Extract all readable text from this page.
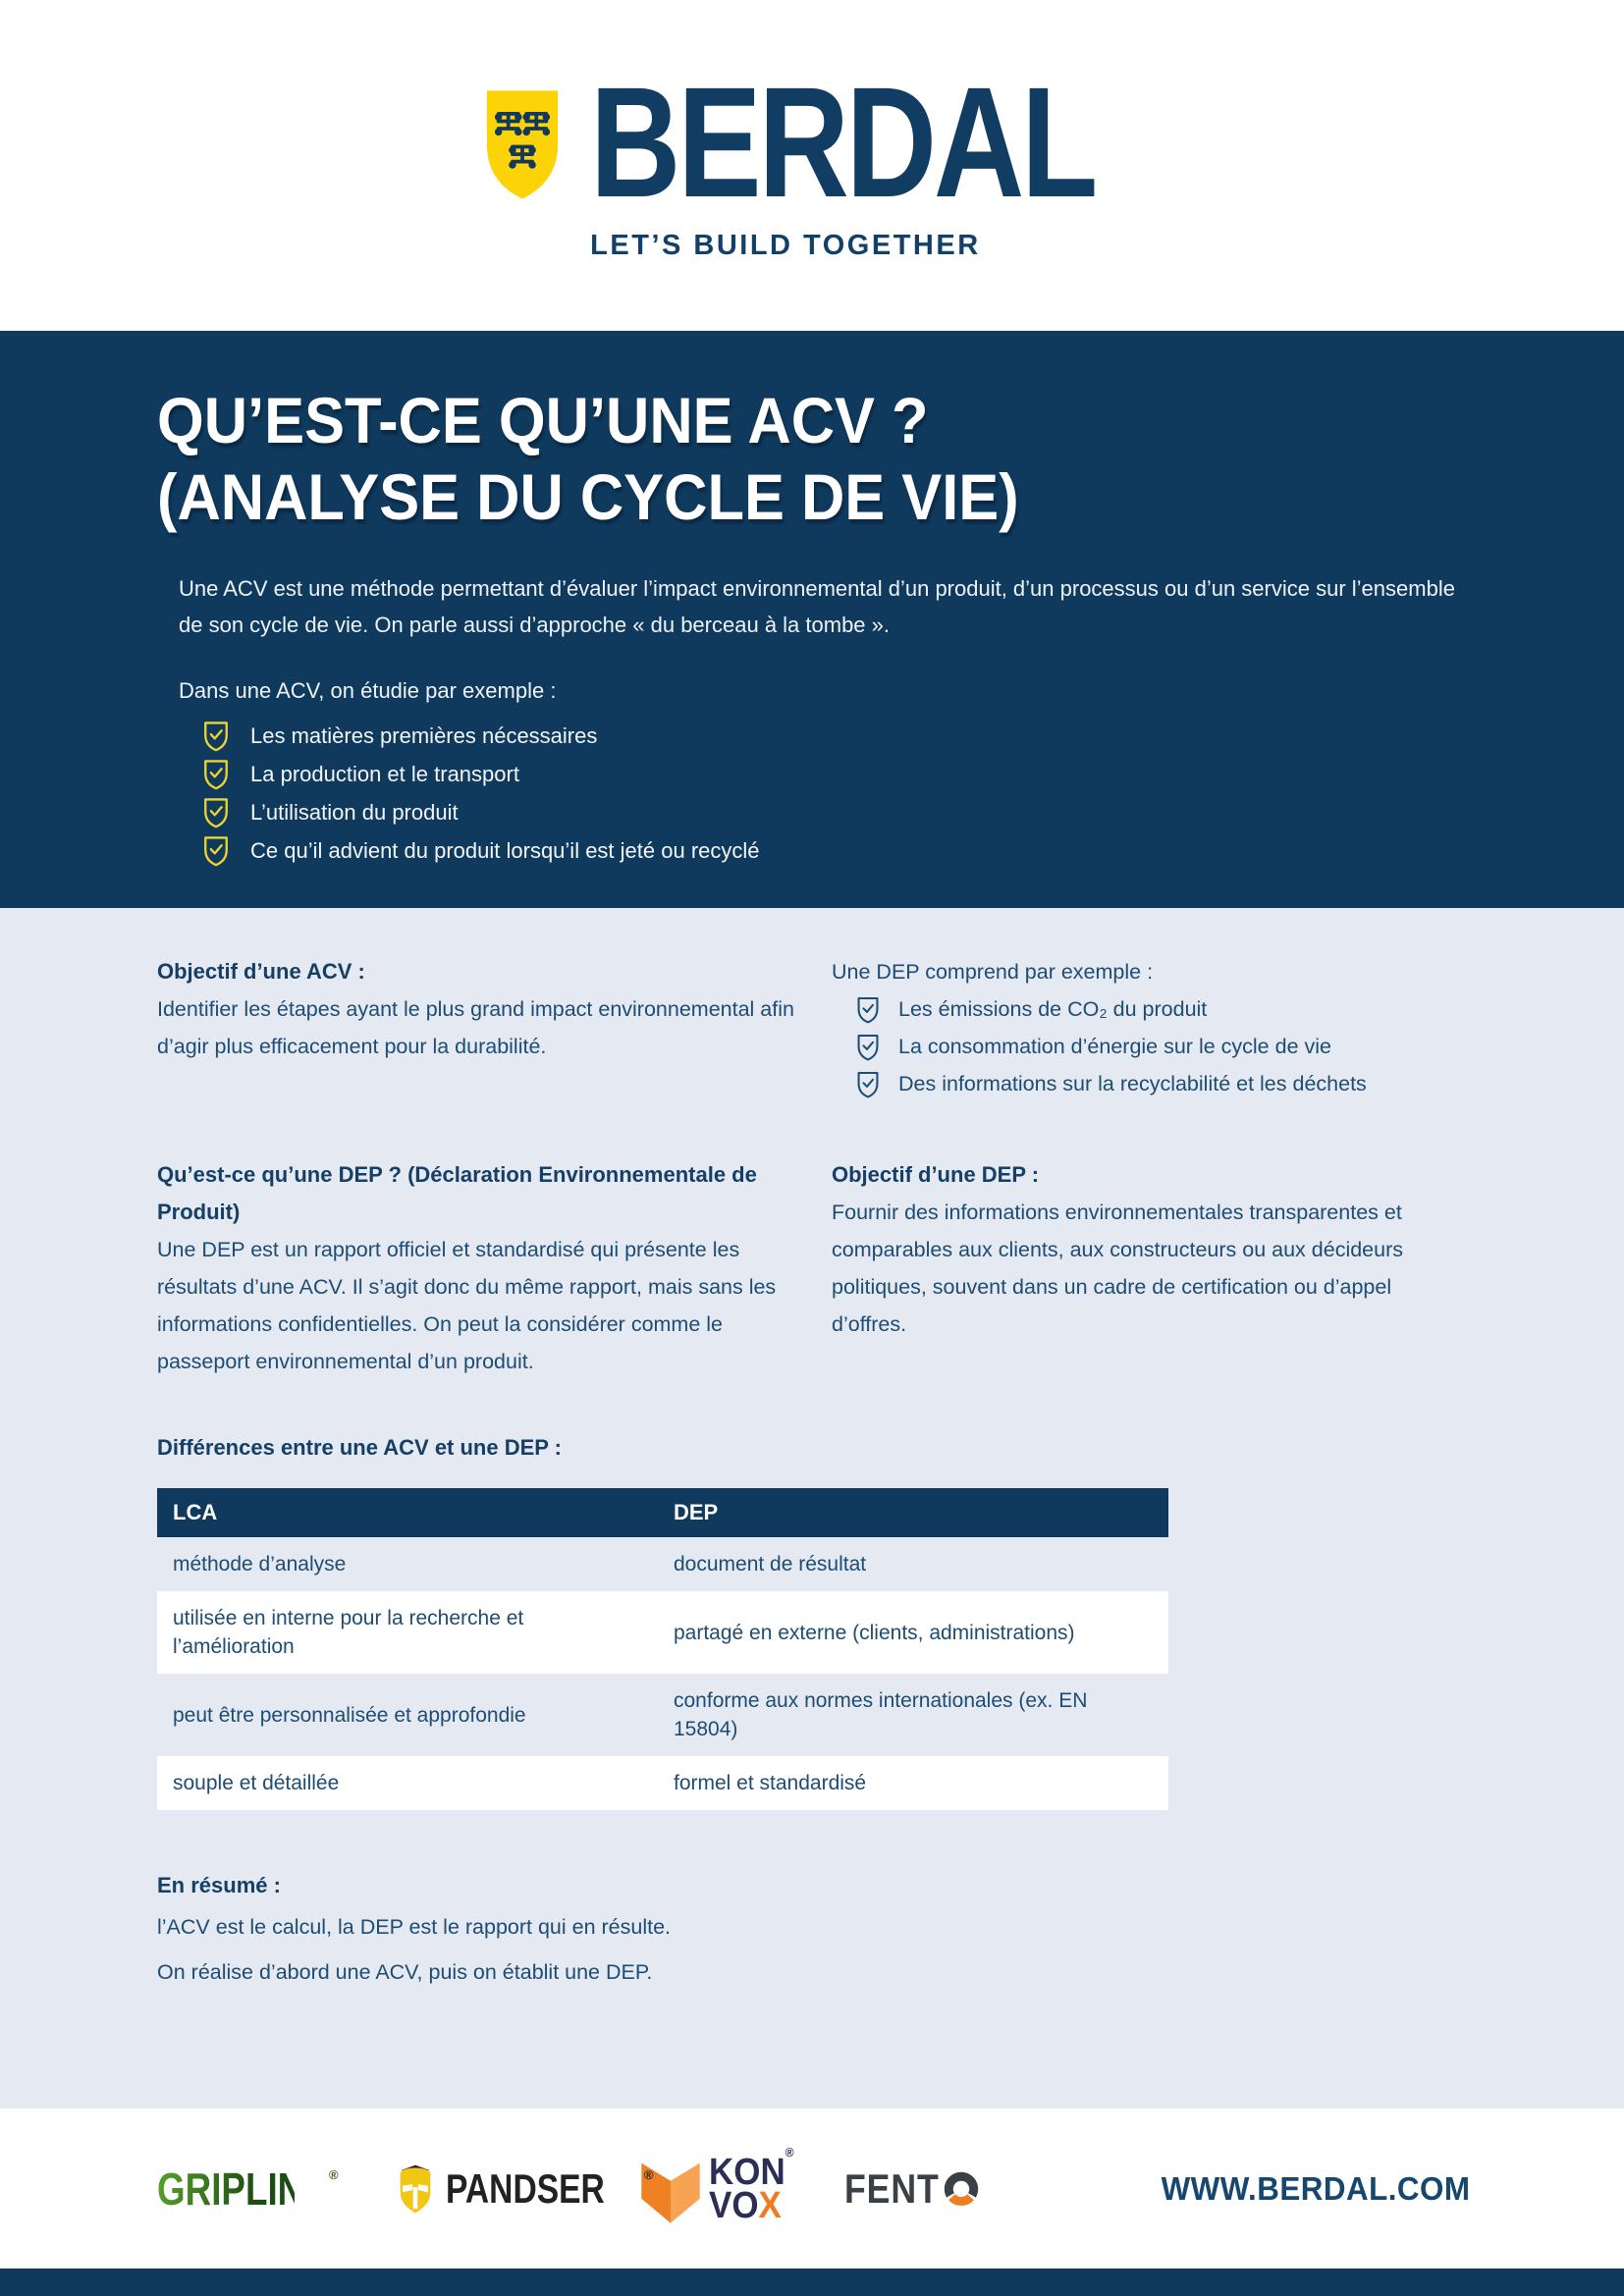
BERDAL
LET’S BUILD TOGETHER
QU’EST-CE QU’UNE ACV ?
(ANALYSE DU CYCLE DE VIE)

Une ACV est une méthode permettant d’évaluer l’impact environnemental d’un produit, d’un processus ou d’un service sur l’ensemble de son cycle de vie. On parle aussi d’approche « du berceau à la tombe ».

Dans une ACV, on étudie par exemple :

Les matières premières nécessaires
La production et le transport
L’utilisation du produit
Ce qu’il advient du produit lorsqu’il est jeté ou recyclé
Objectif d’une ACV :

Identifier les étapes ayant le plus grand impact environnemental afin d’agir plus efficacement pour la durabilité.

Une DEP comprend par exemple :

Les émissions de CO₂ du produit
La consommation d’énergie sur le cycle de vie
Des informations sur la recyclabilité et les déchets
Qu’est-ce qu’une DEP ? (Déclaration Environnementale de Produit)

Une DEP est un rapport officiel et standardisé qui présente les résultats d’une ACV. Il s’agit donc du même rapport, mais sans les informations confidentielles. On peut la considérer comme le passeport environnemental d’un produit.

Objectif d’une DEP :

Fournir des informations environnementales transparentes et comparables aux clients, aux constructeurs ou aux décideurs politiques, souvent dans un cadre de certification ou d’appel d’offres.

Différences entre une ACV et une DEP :
LCA	DEP
méthode d’analyse	document de résultat
utilisée en interne pour la recherche et l’amélioration	partagé en externe (clients, administrations)
peut être personnalisée et approfondie	conforme aux normes internationales (ex. EN 15804)
souple et détaillée	formel et standardisé
En résumé :

l’ACV est le calcul, la DEP est le rapport qui en résulte.

On réalise d’abord une ACV, puis on établit une DEP.

GRIPLINE ®	PANDSER	® KON®
VOX	FENT	WWW.BERDAL.COM
